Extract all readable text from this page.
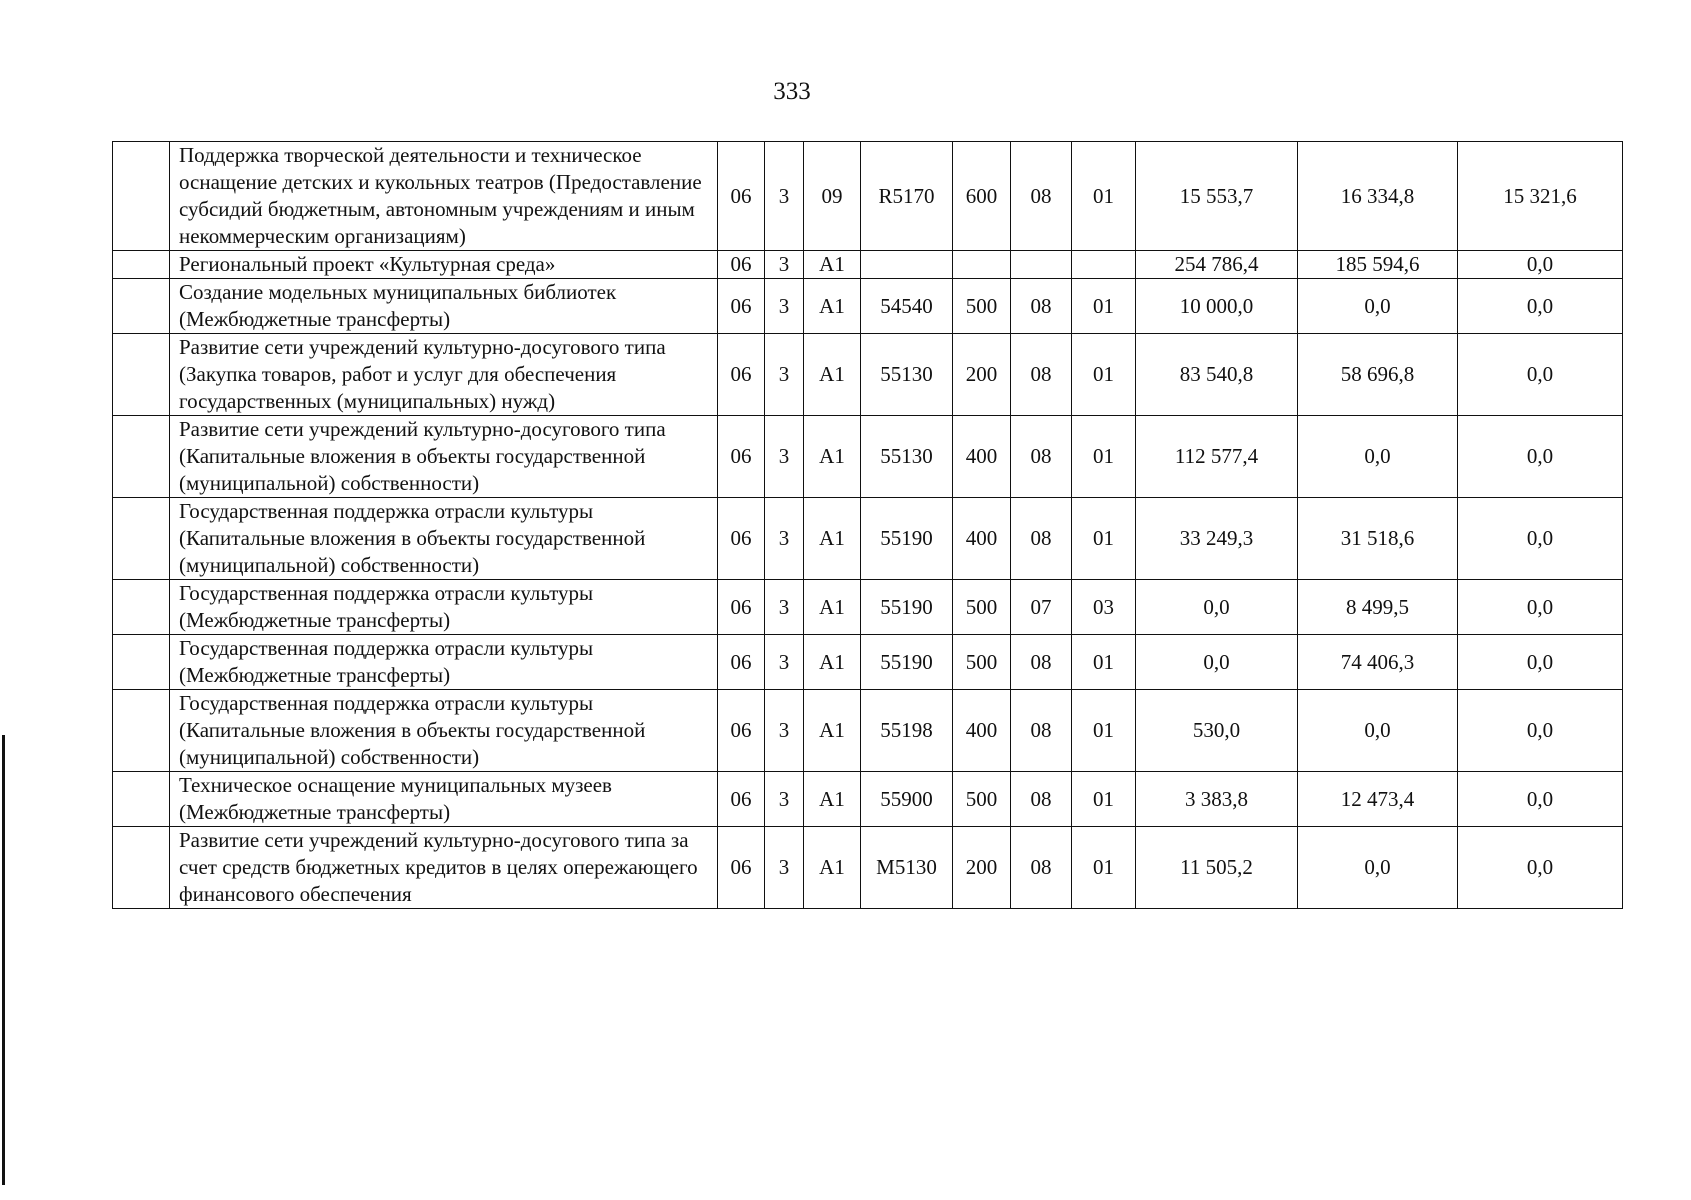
333
	Поддержка творческой деятельности и техническое оснащение детских и кукольных театров (Предоставление субсидий бюджетным, автономным учреждениям и иным некоммерческим организациям)	06	3	09	R5170	600	08	01	15 553,7	16 334,8	15 321,6
	Региональный проект «Культурная среда»	06	3	А1					254 786,4	185 594,6	0,0
	Создание модельных муниципальных библиотек (Межбюджетные трансферты)	06	3	А1	54540	500	08	01	10 000,0	0,0	0,0
	Развитие сети учреждений культурно-досугового типа (Закупка товаров, работ и услуг для обеспечения государственных (муниципальных) нужд)	06	3	А1	55130	200	08	01	83 540,8	58 696,8	0,0
	Развитие сети учреждений культурно-досугового типа (Капитальные вложения в объекты государственной (муниципальной) собственности)	06	3	А1	55130	400	08	01	112 577,4	0,0	0,0
	Государственная поддержка отрасли культуры (Капитальные вложения в объекты государственной (муниципальной) собственности)	06	3	А1	55190	400	08	01	33 249,3	31 518,6	0,0
	Государственная поддержка отрасли культуры (Межбюджетные трансферты)	06	3	А1	55190	500	07	03	0,0	8 499,5	0,0
	Государственная поддержка отрасли культуры (Межбюджетные трансферты)	06	3	А1	55190	500	08	01	0,0	74 406,3	0,0
	Государственная поддержка отрасли культуры (Капитальные вложения в объекты государственной (муниципальной) собственности)	06	3	А1	55198	400	08	01	530,0	0,0	0,0
	Техническое оснащение муниципальных музеев (Межбюджетные трансферты)	06	3	А1	55900	500	08	01	3 383,8	12 473,4	0,0
	Развитие сети учреждений культурно-досугового типа за счет средств бюджетных кредитов в целях опережающего финансового обеспечения	06	3	А1	M5130	200	08	01	11 505,2	0,0	0,0
